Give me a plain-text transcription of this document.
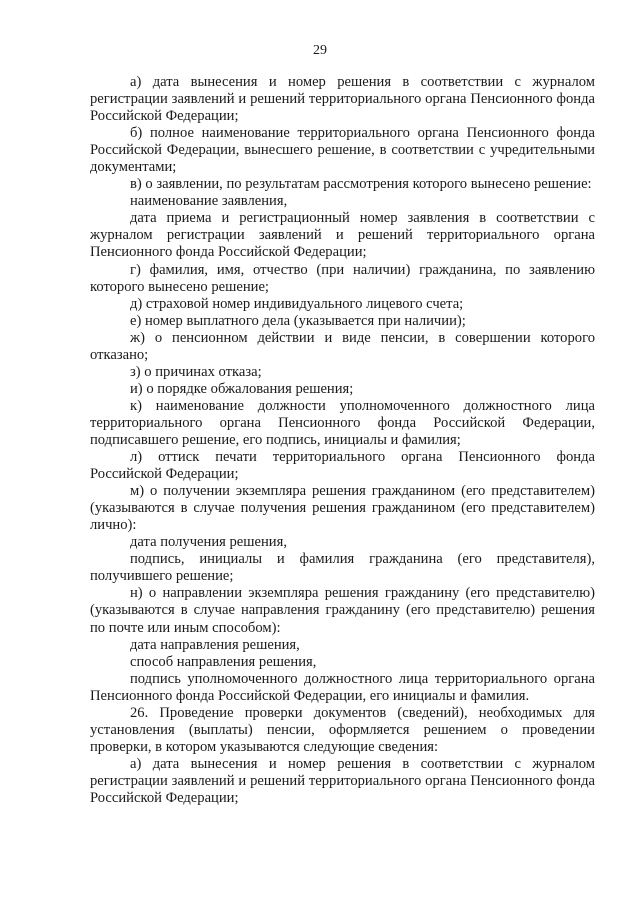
29

а) дата вынесения и номер решения в соответствии с журналом регистрации заявлений и решений территориального органа Пенсионного фонда Российской Федерации;

б) полное наименование территориального органа Пенсионного фонда Российской Федерации, вынесшего решение, в соответствии с учредительными документами;

в) о заявлении, по результатам рассмотрения которого вынесено решение:

наименование заявления,

дата приема и регистрационный номер заявления в соответствии с журналом регистрации заявлений и решений территориального органа Пенсионного фонда Российской Федерации;

г) фамилия, имя, отчество (при наличии) гражданина, по заявлению которого вынесено решение;

д) страховой номер индивидуального лицевого счета;

е) номер выплатного дела (указывается при наличии);

ж) о пенсионном действии и виде пенсии, в совершении которого отказано;

з) о причинах отказа;

и) о порядке обжалования решения;

к) наименование должности уполномоченного должностного лица территориального органа Пенсионного фонда Российской Федерации, подписавшего решение, его подпись, инициалы и фамилия;

л) оттиск печати территориального органа Пенсионного фонда Российской Федерации;

м) о получении экземпляра решения гражданином (его представителем) (указываются в случае получения решения гражданином (его представителем) лично):

дата получения решения,

подпись, инициалы и фамилия гражданина (его представителя), получившего решение;

н) о направлении экземпляра решения гражданину (его представителю) (указываются в случае направления гражданину (его представителю) решения по почте или иным способом):

дата направления решения,

способ направления решения,

подпись уполномоченного должностного лица территориального органа Пенсионного фонда Российской Федерации, его инициалы и фамилия.

26. Проведение проверки документов (сведений), необходимых для установления (выплаты) пенсии, оформляется решением о проведении проверки, в котором указываются следующие сведения:

а) дата вынесения и номер решения в соответствии с журналом регистрации заявлений и решений территориального органа Пенсионного фонда Российской Федерации;
